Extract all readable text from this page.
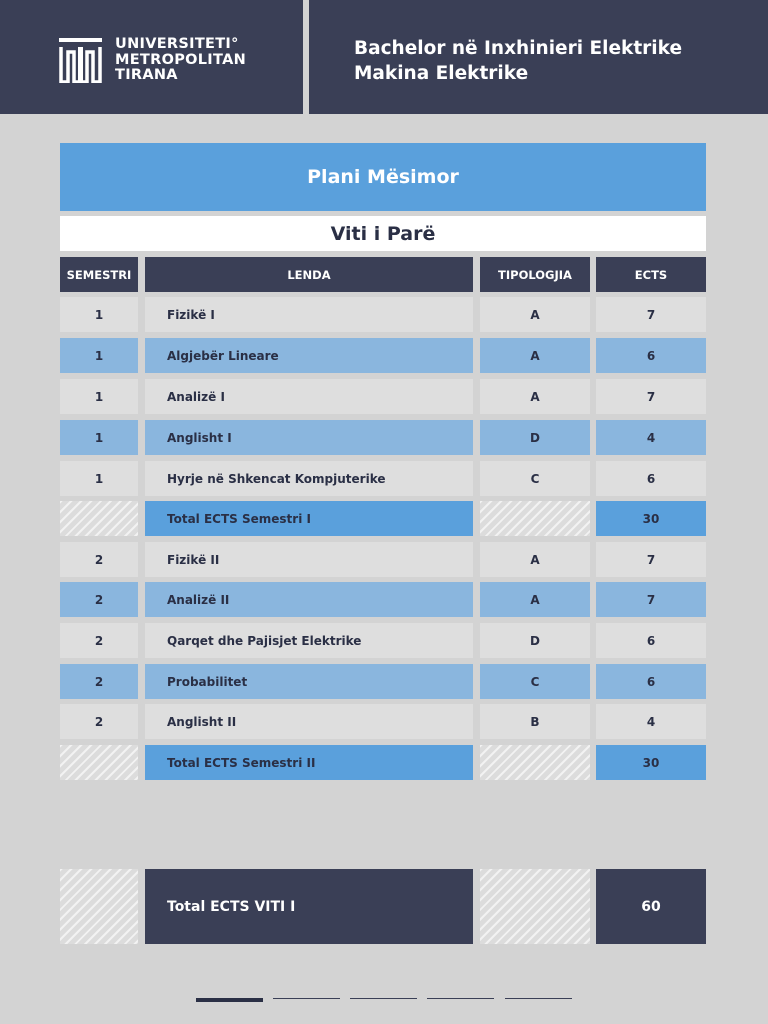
UNIVERSITETI°
METROPOLITAN
TIRANA
Bachelor në Inxhinieri Elektrike
Makina Elektrike
Plani Mësimor
Viti i Parë
SEMESTRI	LENDA	TIPOLOGJIA	ECTS
1	Fizikë I	A	7
1	Algjebër Lineare	A	6
1	Analizë I	A	7
1	Anglisht I	D	4
1	Hyrje në Shkencat Kompjuterike	C	6
Total ECTS Semestri I	30
2	Fizikë II	A	7
2	Analizë II	A	7
2	Qarqet dhe Pajisjet Elektrike	D	6
2	Probabilitet	C	6
2	Anglisht II	B	4
Total ECTS Semestri II	30
Total ECTS VITI I	60
